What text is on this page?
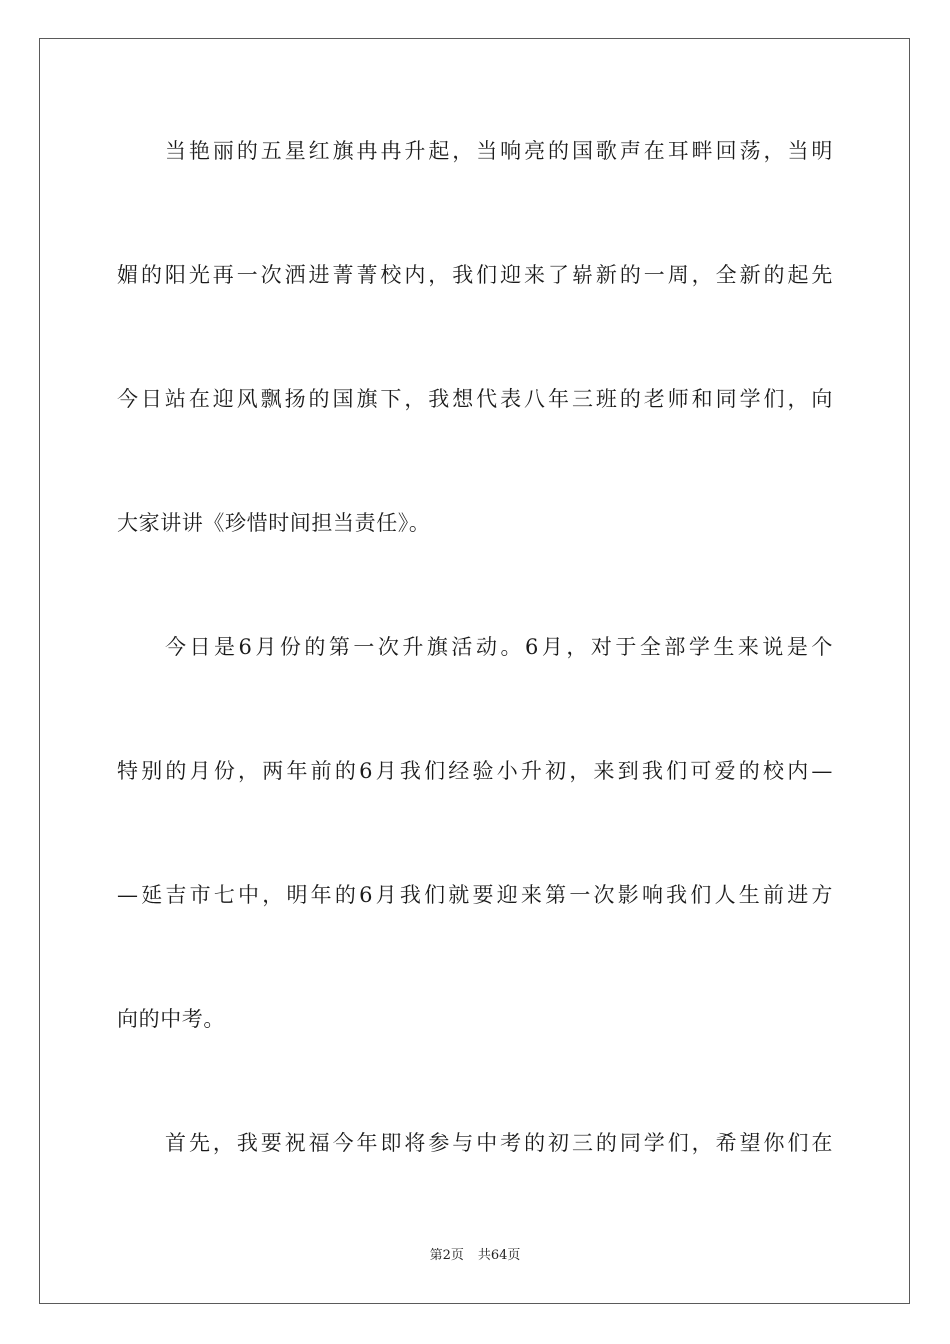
当艳丽的五星红旗冉冉升起，当响亮的国歌声在耳畔回荡，当明
媚的阳光再一次洒进菁菁校内，我们迎来了崭新的一周，全新的起先
今日站在迎风飘扬的国旗下，我想代表八年三班的老师和同学们，向
大家讲讲《珍惜时间担当责任》。
今日是6月份的第一次升旗活动。6月，对于全部学生来说是个
特别的月份，两年前的6月我们经验小升初，来到我们可爱的校内—
—延吉市七中，明年的6月我们就要迎来第一次影响我们人生前进方
向的中考。
首先，我要祝福今年即将参与中考的初三的同学们，希望你们在
第2页 共64页
